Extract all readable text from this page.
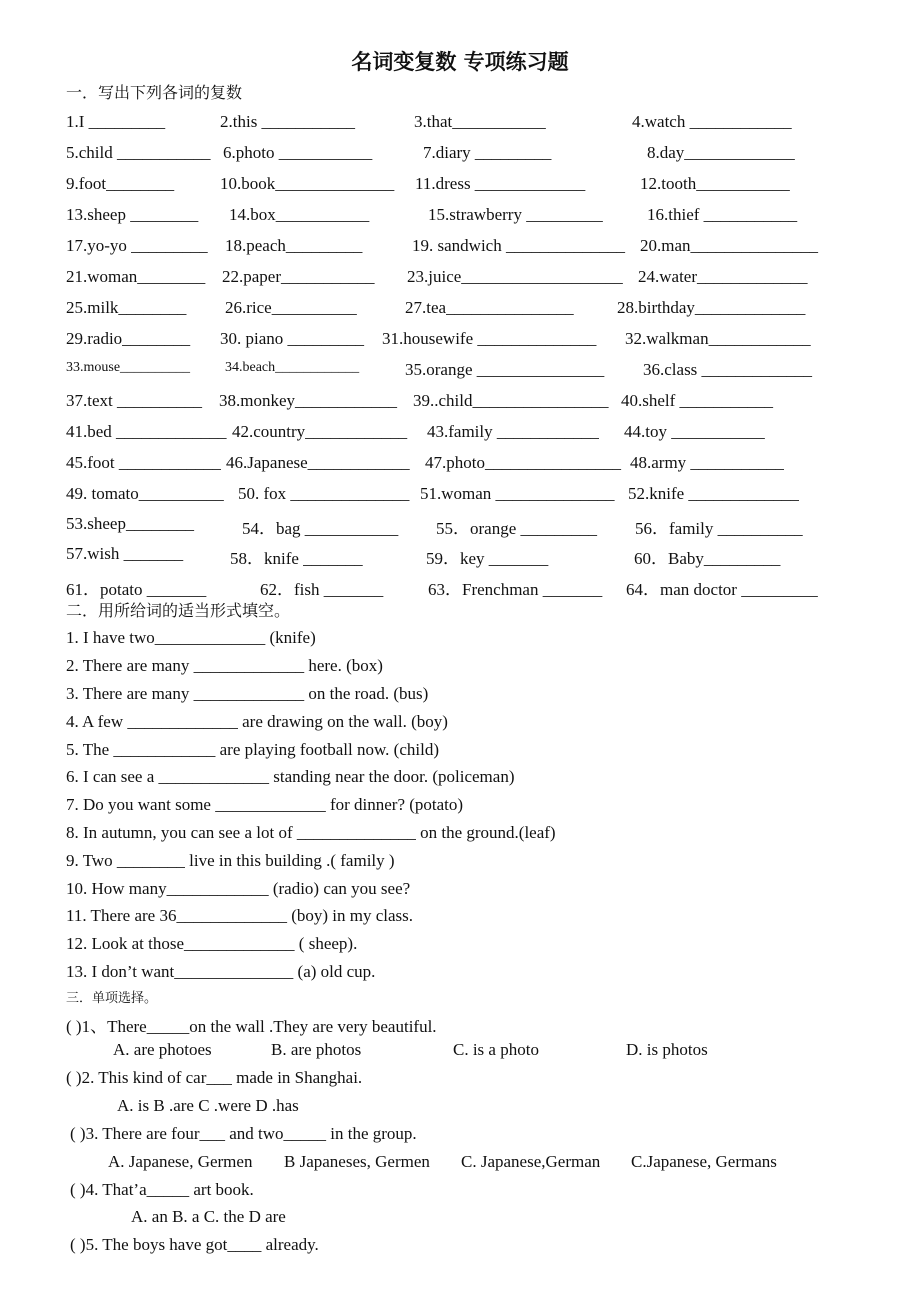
名词变复数 专项练习题
一．写出下列各词的复数
1.I _________	2.this ___________	3.that___________	4.watch ____________
5.child ___________ 6.photo ___________	7.diary _________	8.day_____________
9.foot________	10.book______________ 11.dress _____________	12.tooth___________
13.sheep ________ 14.box___________	15.strawberry _________	16.thief ___________
17.yo-yo _________ 18.peach_________	19. sandwich ______________ 20.man_______________
21.woman________ 22.paper___________ 23.juice___________________ 24.water_____________
25.milk________ 26.rice__________	27.tea_______________	28.birthday_____________
29.radio________ 30. piano _________ 31.housewife ______________ 32.walkman____________
33.mouse__________ 34.beach____________	35.orange _______________ 36.class _____________
37.text __________ 38.monkey____________ 39..child________________ 40.shelf ___________
41.bed _____________ 42.country____________ 43.family ____________ 44.toy ___________
45.foot ____________ 46.Japanese____________ 47.photo________________ 48.army ___________
49. tomato__________ 50. fox ______________ 51.woman ______________ 52.knife _____________
53.sheep________	54．bag ___________ 55．orange _________ 56．family __________
57.wish _______	58．knife _______	59．key _______	60．Baby_________
61．potato _______	62．fish _______	63．Frenchman _______ 64．man doctor _________
二．用所给词的适当形式填空。
1. I have two_____________ (knife)
2. There are many _____________ here. (box)
3. There are many _____________ on the road. (bus)
4. A few _____________ are drawing on the wall. (boy)
5. The ____________ are playing football now. (child)
6. I can see a _____________ standing near the door. (policeman)
7. Do you want some _____________ for dinner? (potato)
8. In autumn, you can see a lot of ______________ on the ground.(leaf)
9. Two ________ live in this building .( family )
10. How many____________ (radio) can you see?
11. There are 36_____________ (boy) in my class.
12. Look at those_____________ ( sheep).
13. I don’t want______________ (a) old cup.
三．单项选择。
( )1、There_____on the wall .They are very beautiful.
A. are photoes	B. are photos	C. is a photo	D. is photos
( )2. This kind of car___ made in Shanghai.
A. is B .are C .were D .has
( )3. There are four___ and two_____ in the group.
A. Japanese, Germen B Japaneses, Germen C. Japanese,German C.Japanese, Germans
( )4. That’a_____ art book.
A. an B. a C. the D are
( )5. The boys have got____ already.
